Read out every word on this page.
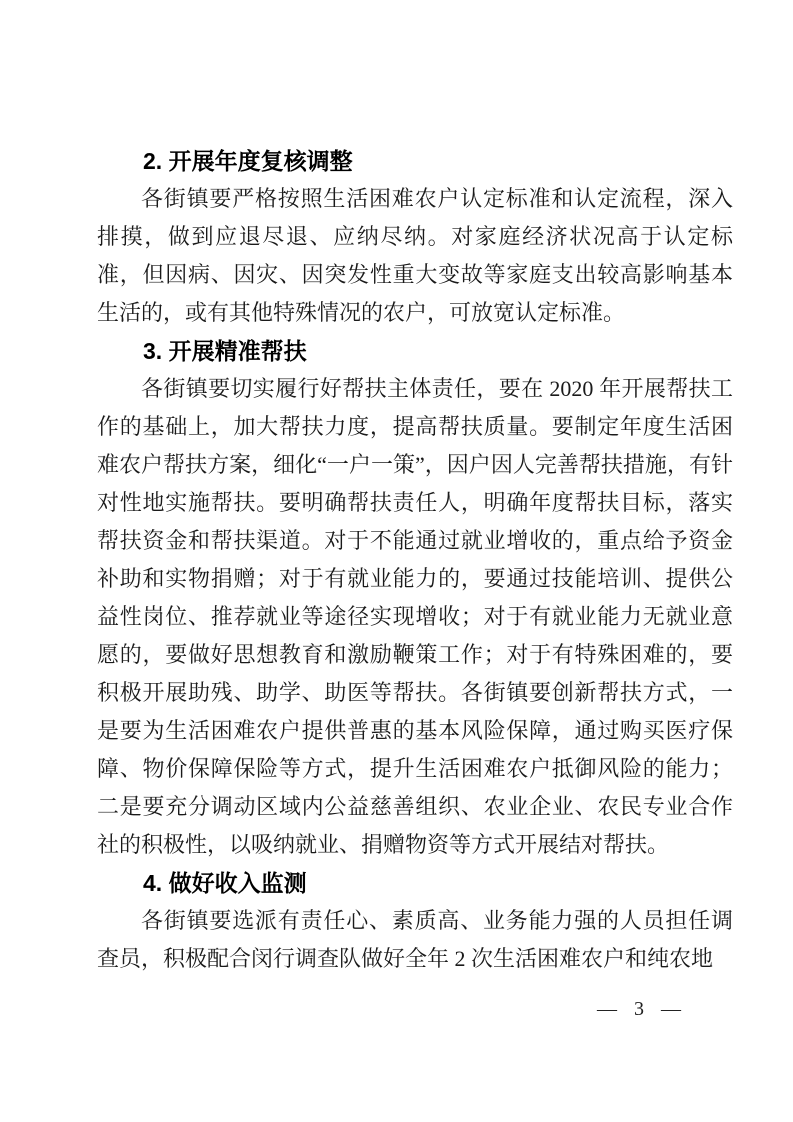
2. 开展年度复核调整

各街镇要严格按照生活困难农户认定标准和认定流程，深入排摸，做到应退尽退、应纳尽纳。对家庭经济状况高于认定标准，但因病、因灾、因突发性重大变故等家庭支出较高影响基本生活的，或有其他特殊情况的农户，可放宽认定标准。

3. 开展精准帮扶

各街镇要切实履行好帮扶主体责任，要在 2020 年开展帮扶工作的基础上，加大帮扶力度，提高帮扶质量。要制定年度生活困难农户帮扶方案，细化“一户一策”，因户因人完善帮扶措施，有针对性地实施帮扶。要明确帮扶责任人，明确年度帮扶目标，落实帮扶资金和帮扶渠道。对于不能通过就业增收的，重点给予资金补助和实物捐赠；对于有就业能力的，要通过技能培训、提供公益性岗位、推荐就业等途径实现增收；对于有就业能力无就业意愿的，要做好思想教育和激励鞭策工作；对于有特殊困难的，要积极开展助残、助学、助医等帮扶。各街镇要创新帮扶方式，一是要为生活困难农户提供普惠的基本风险保障，通过购买医疗保障、物价保障保险等方式，提升生活困难农户抵御风险的能力；二是要充分调动区域内公益慈善组织、农业企业、农民专业合作社的积极性，以吸纳就业、捐赠物资等方式开展结对帮扶。

4. 做好收入监测

各街镇要选派有责任心、素质高、业务能力强的人员担任调查员，积极配合闵行调查队做好全年 2 次生活困难农户和纯农地

— 3 —
